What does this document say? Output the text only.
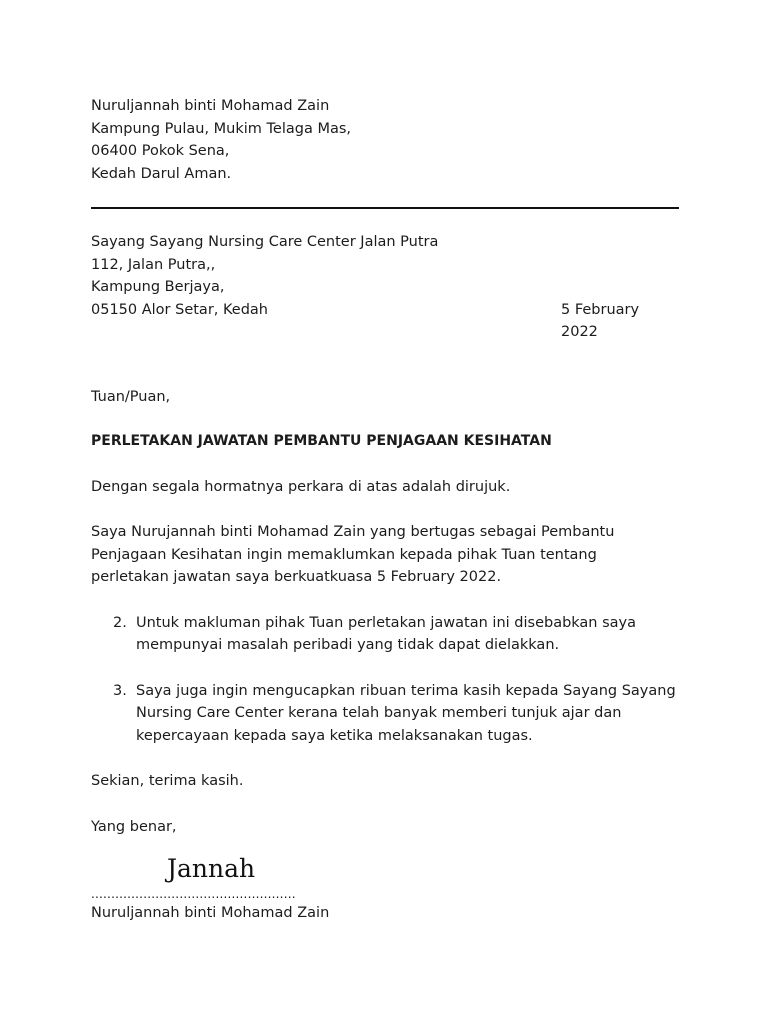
Nuruljannah binti Mohamad Zain
Kampung Pulau, Mukim Telaga Mas,
06400 Pokok Sena,
Kedah Darul Aman.
Sayang Sayang Nursing Care Center Jalan Putra
112, Jalan Putra,,
Kampung Berjaya,
05150 Alor Setar, Kedah	5 February 2022
Tuan/Puan,
PERLETAKAN JAWATAN PEMBANTU PENJAGAAN KESIHATAN
Dengan segala hormatnya perkara di atas adalah dirujuk.
Saya Nurujannah binti Mohamad Zain yang bertugas sebagai Pembantu Penjagaan Kesihatan ingin memaklumkan kepada pihak Tuan tentang perletakan jawatan saya berkuatkuasa 5 February 2022.
2. Untuk makluman pihak Tuan perletakan jawatan ini disebabkan saya mempunyai masalah peribadi yang tidak dapat dielakkan.
3. Saya juga ingin mengucapkan ribuan terima kasih kepada Sayang Sayang Nursing Care Center kerana telah banyak memberi tunjuk ajar dan kepercayaan kepada saya ketika melaksanakan tugas.
Sekian, terima kasih.
Yang benar,
Jannah
...................................................
Nuruljannah binti Mohamad Zain
